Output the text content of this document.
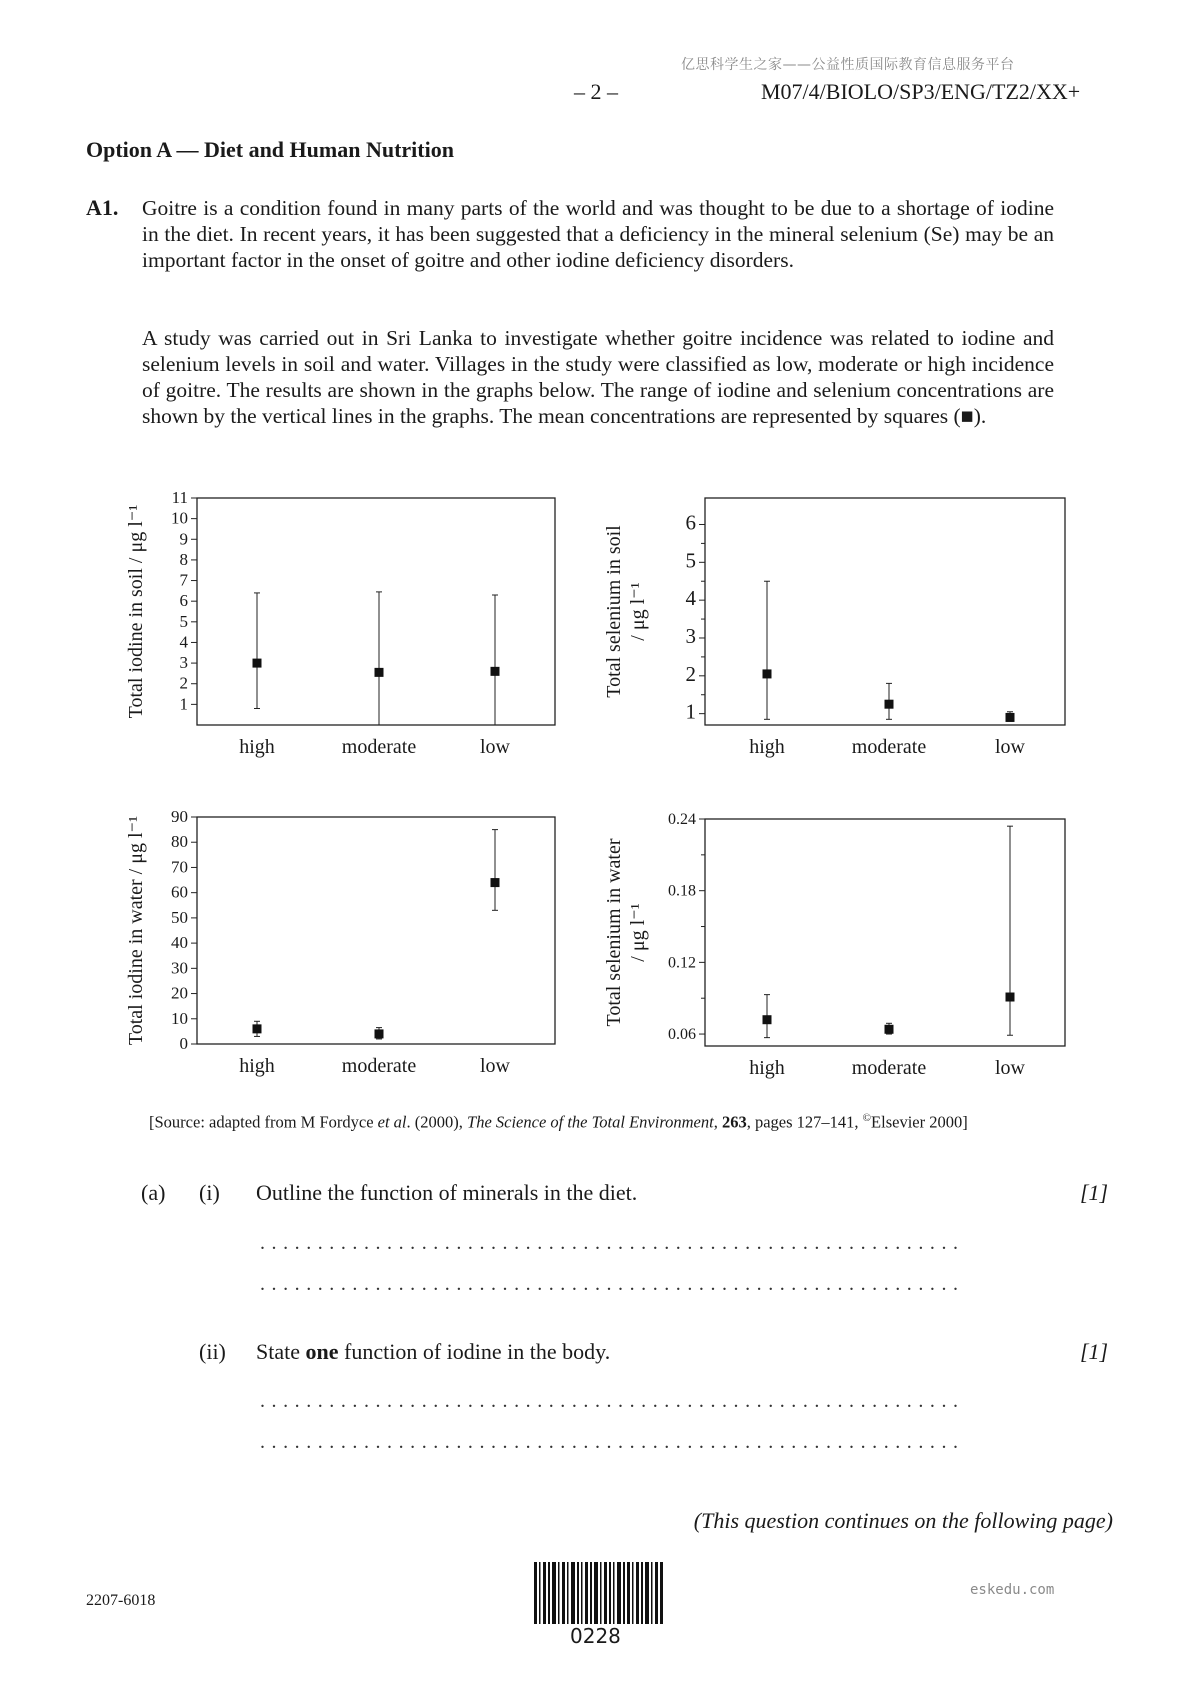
亿思科学生之家——公益性质国际教育信息服务平台
– 2 –	M07/4/BIOLO/SP3/ENG/TZ2/XX+
Option A — Diet and Human Nutrition
A1. Goitre is a condition found in many parts of the world and was thought to be due to a shortage of iodine in the diet. In recent years, it has been suggested that a deficiency in the mineral selenium (Se) may be an important factor in the onset of goitre and other iodine deficiency disorders.
A study was carried out in Sri Lanka to investigate whether goitre incidence was related to iodine and selenium levels in soil and water. Villages in the study were classified as low, moderate or high incidence of goitre. The results are shown in the graphs below. The range of iodine and selenium concentrations are shown by the vertical lines in the graphs. The mean concentrations are represented by squares (■).
1
2
3
4
5
6
7
8
9
10
11
Total iodine in soil / μg l⁻¹
high	moderate	low
1
2
3
4
5
6
Total selenium in soil / μg l⁻¹
high	moderate	low
0
10
20
30
40
50
60
70
80
90
Total iodine in water / μg l⁻¹
high	moderate	low
0.06
0.12
0.18
0.24
Total selenium in water / μg l⁻¹
high	moderate	low
[Source: adapted from M Fordyce et al. (2000), The Science of the Total Environment, 263, pages 127–141, ©Elsevier 2000]
(a) (i) Outline the function of minerals in the diet.	[1]
.............................................................
.............................................................
(ii) State one function of iodine in the body.	[1]
.............................................................
.............................................................
(This question continues on the following page)
2207-6018
0228
eskedu.com
